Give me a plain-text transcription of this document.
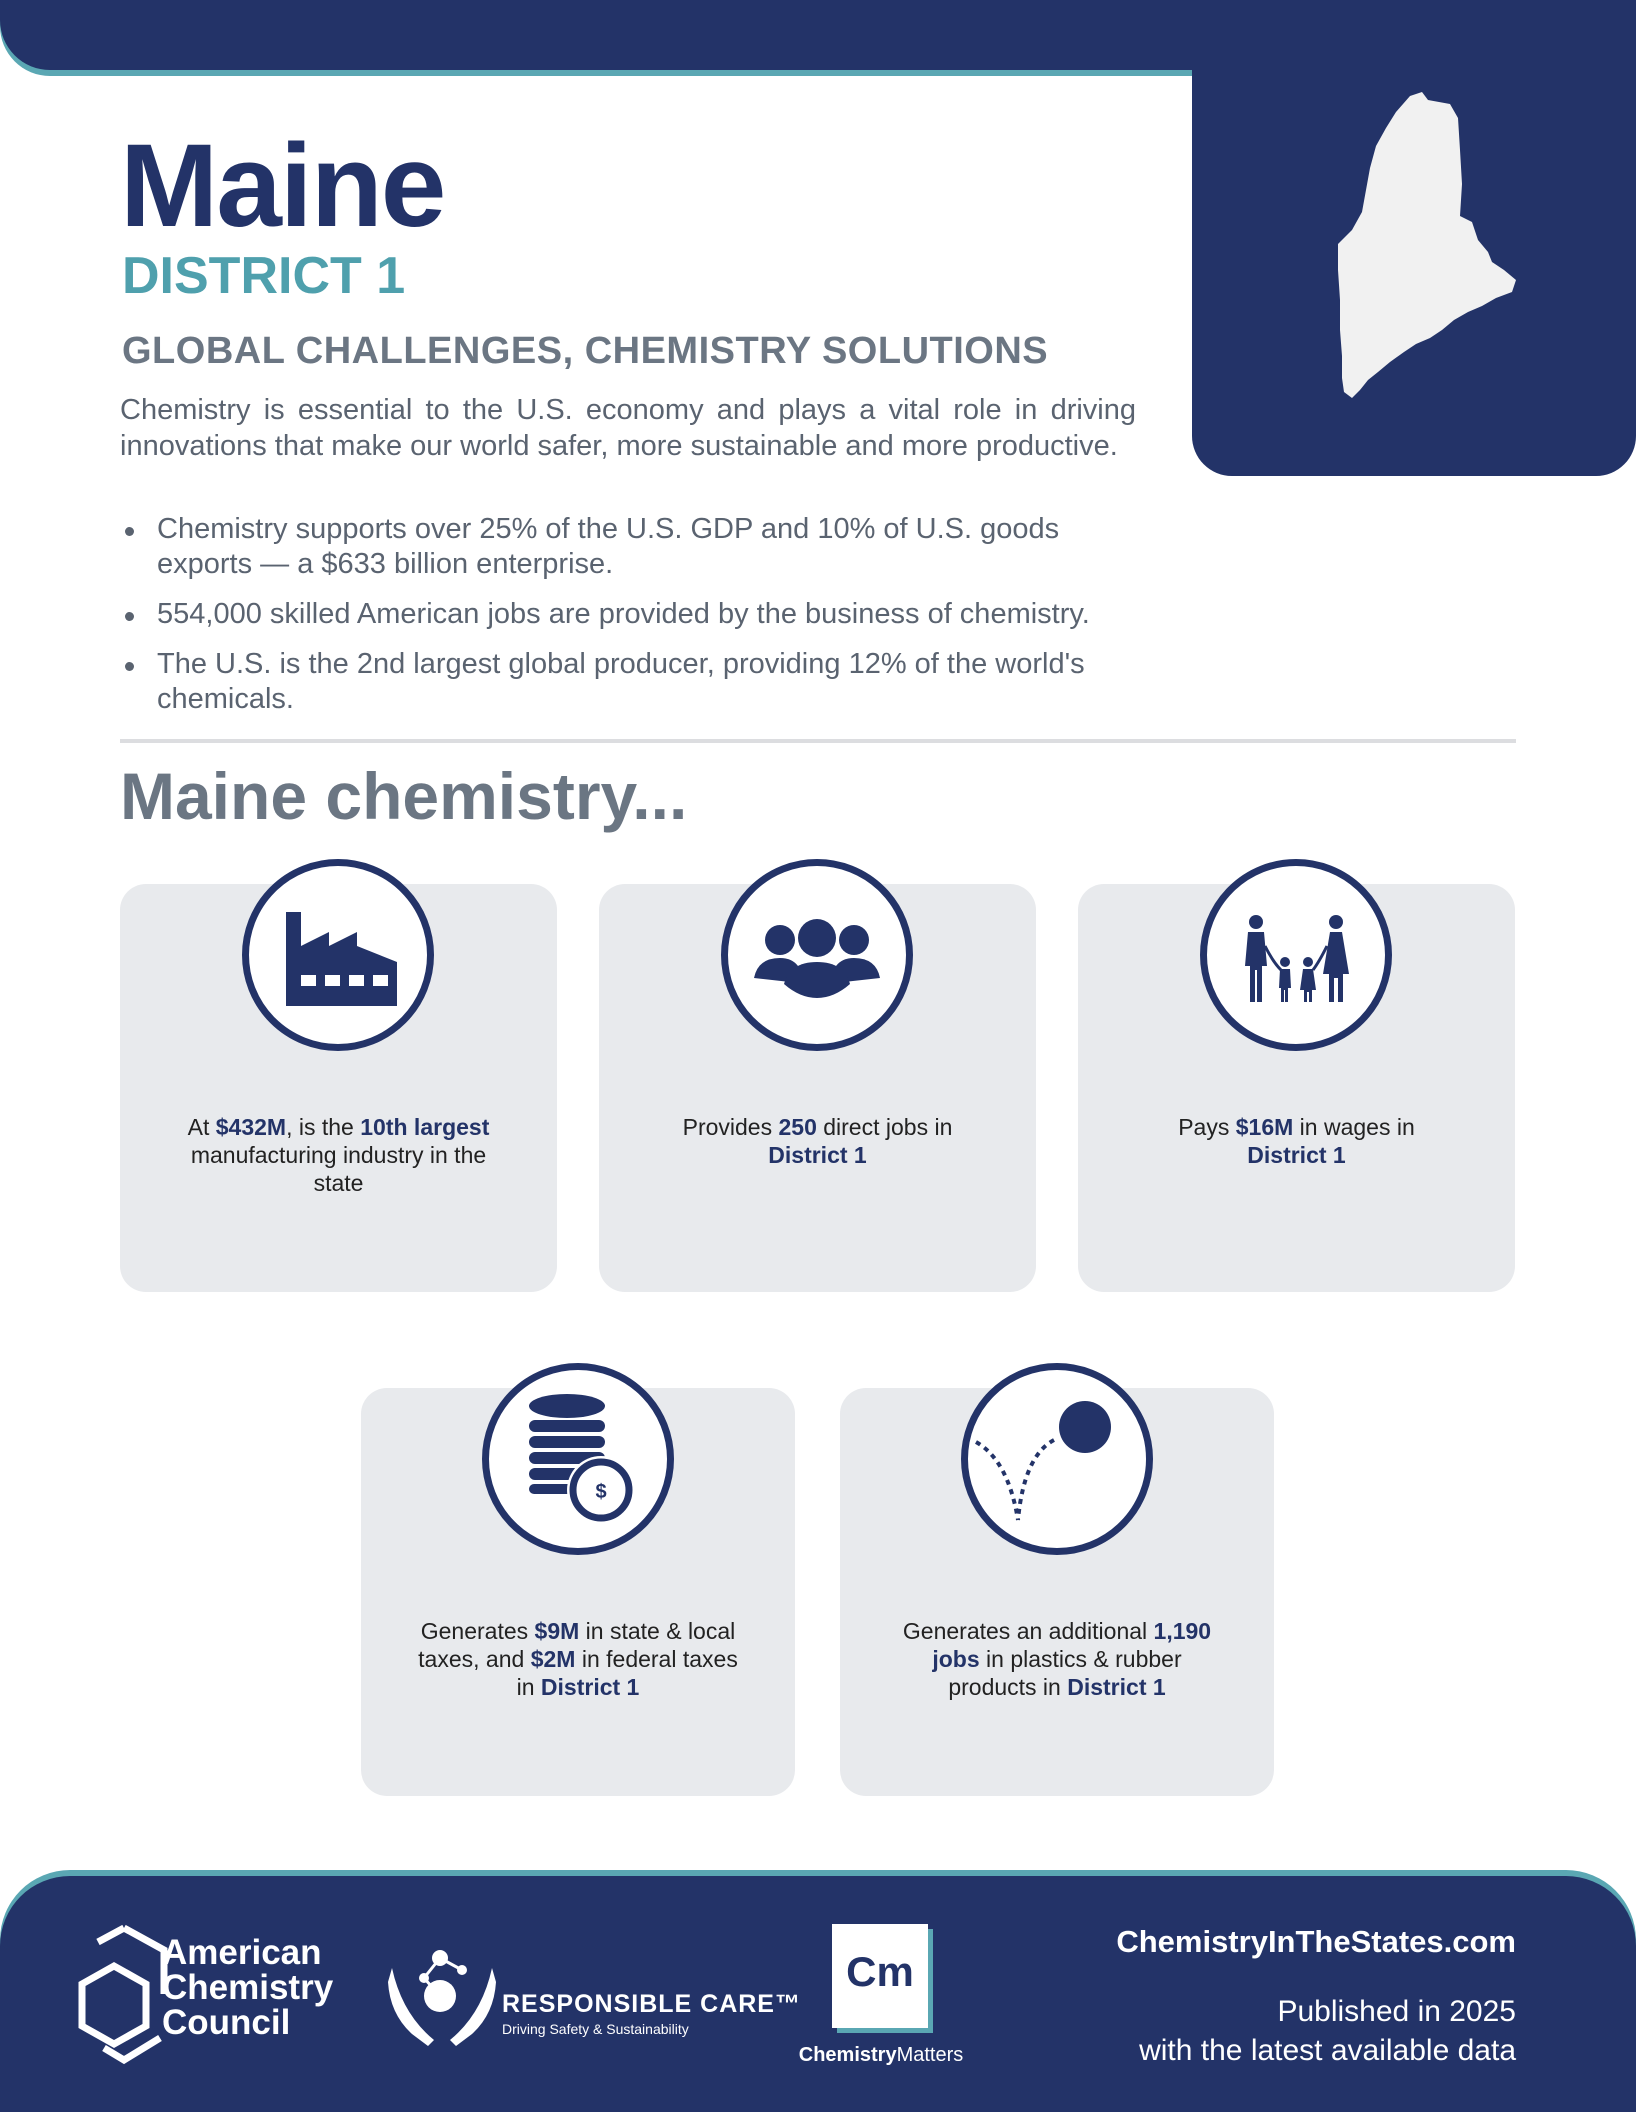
Maine
DISTRICT 1
GLOBAL CHALLENGES, CHEMISTRY SOLUTIONS

Chemistry is essential to the U.S. economy and plays a vital role in driving innovations that make our world safer, more sustainable and more productive.

Chemistry supports over 25% of the U.S. GDP and 10% of U.S. goods exports — a $633 billion enterprise.
554,000 skilled American jobs are provided by the business of chemistry.
The U.S. is the 2nd largest global producer, providing 12% of the world's chemicals.
Maine chemistry...
At $432M, is the 10th largest
manufacturing industry in the
state
Provides 250 direct jobs in
District 1
Pays $16M in wages in
District 1
$
Generates $9M in state & local
taxes, and $2M in federal taxes
in District 1
Generates an additional 1,190
jobs in plastics & rubber
products in District 1
American
Chemistry
Council	RESPONSIBLE CARE™
Driving Safety & Sustainability
Cm
ChemistryMatters
ChemistryInTheStates.com
Published in 2025
with the latest available data
